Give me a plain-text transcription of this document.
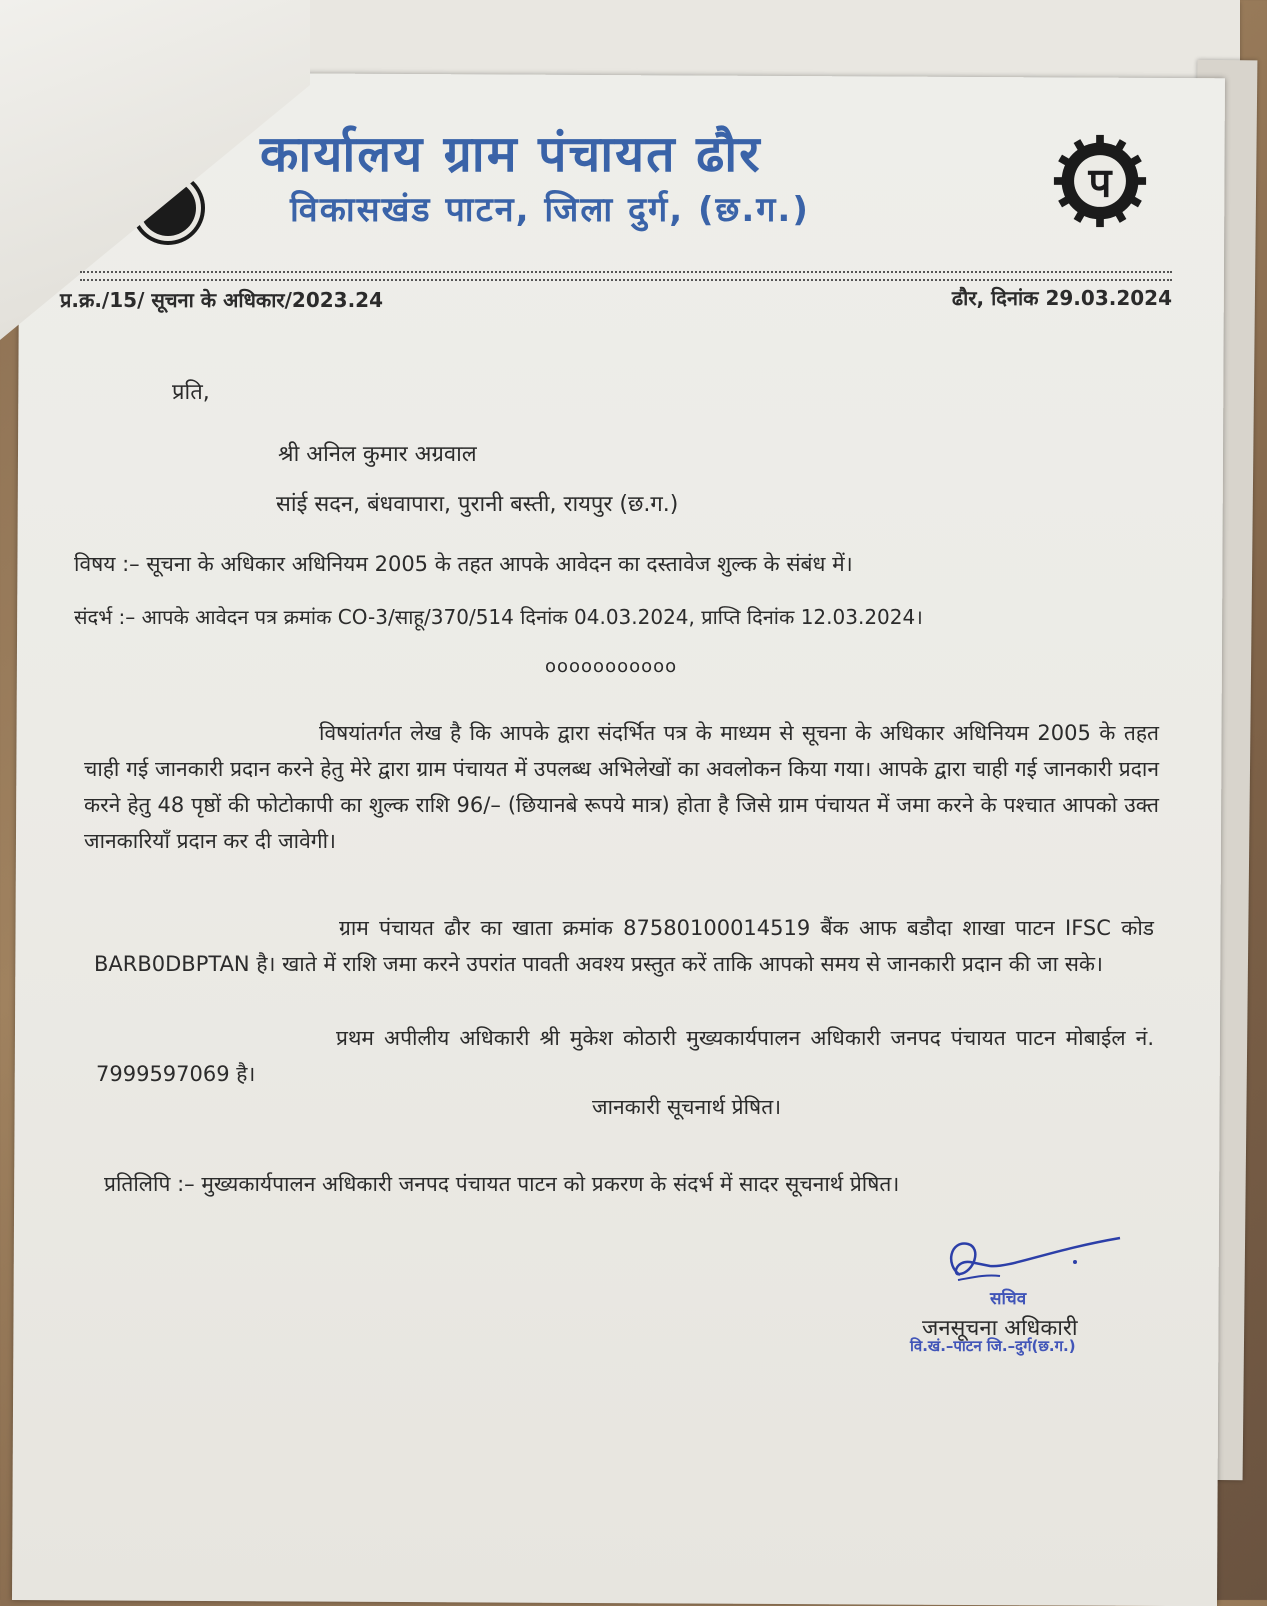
कार्यालय ग्राम पंचायत ढौर
विकासखंड पाटन, जिला दुर्ग, (छ.ग.)
प
प्र.क्र./15/ सूचना के अधिकार/2023.24	ढौर, दिनांक 29.03.2024
प्रति,
श्री अनिल कुमार अग्रवाल
सांई सदन, बंधवापारा, पुरानी बस्ती, रायपुर (छ.ग.)
विषय :– सूचना के अधिकार अधिनियम 2005 के तहत आपके आवेदन का दस्तावेज शुल्क के संबंध में।
संदर्भ :– आपके आवेदन पत्र क्रमांक CO-3/साहू/370/514 दिनांक 04.03.2024, प्राप्ति दिनांक 12.03.2024।
ooooooooooo
विषयांतर्गत लेख है कि आपके द्वारा संदर्भित पत्र के माध्यम से सूचना के अधिकार अधिनियम 2005 के तहत चाही गई जानकारी प्रदान करने हेतु मेरे द्वारा ग्राम पंचायत में उपलब्ध अभिलेखों का अवलोकन किया गया। आपके द्वारा चाही गई जानकारी प्रदान करने हेतु 48 पृष्ठों की फोटोकापी का शुल्क राशि 96/– (छियानबे रूपये मात्र) होता है जिसे ग्राम पंचायत में जमा करने के पश्चात आपको उक्त जानकारियॉं प्रदान कर दी जावेगी।
ग्राम पंचायत ढौर का खाता क्रमांक 87580100014519 बैंक आफ बडौदा शाखा पाटन IFSC कोड BARB0DBPTAN है। खाते में राशि जमा करने उपरांत पावती अवश्य प्रस्तुत करें ताकि आपको समय से जानकारी प्रदान की जा सके।
प्रथम अपीलीय अधिकारी श्री मुकेश कोठारी मुख्यकार्यपालन अधिकारी जनपद पंचायत पाटन मोबाईल नं. 7999597069 है।
जानकारी सूचनार्थ प्रेषित।
प्रतिलिपि :– मुख्यकार्यपालन अधिकारी जनपद पंचायत पाटन को प्रकरण के संदर्भ में सादर सूचनार्थ प्रेषित।
सचिव
जनसूचना अधिकारी
वि.खं.–पाटन जि.–दुर्ग(छ.ग.)
